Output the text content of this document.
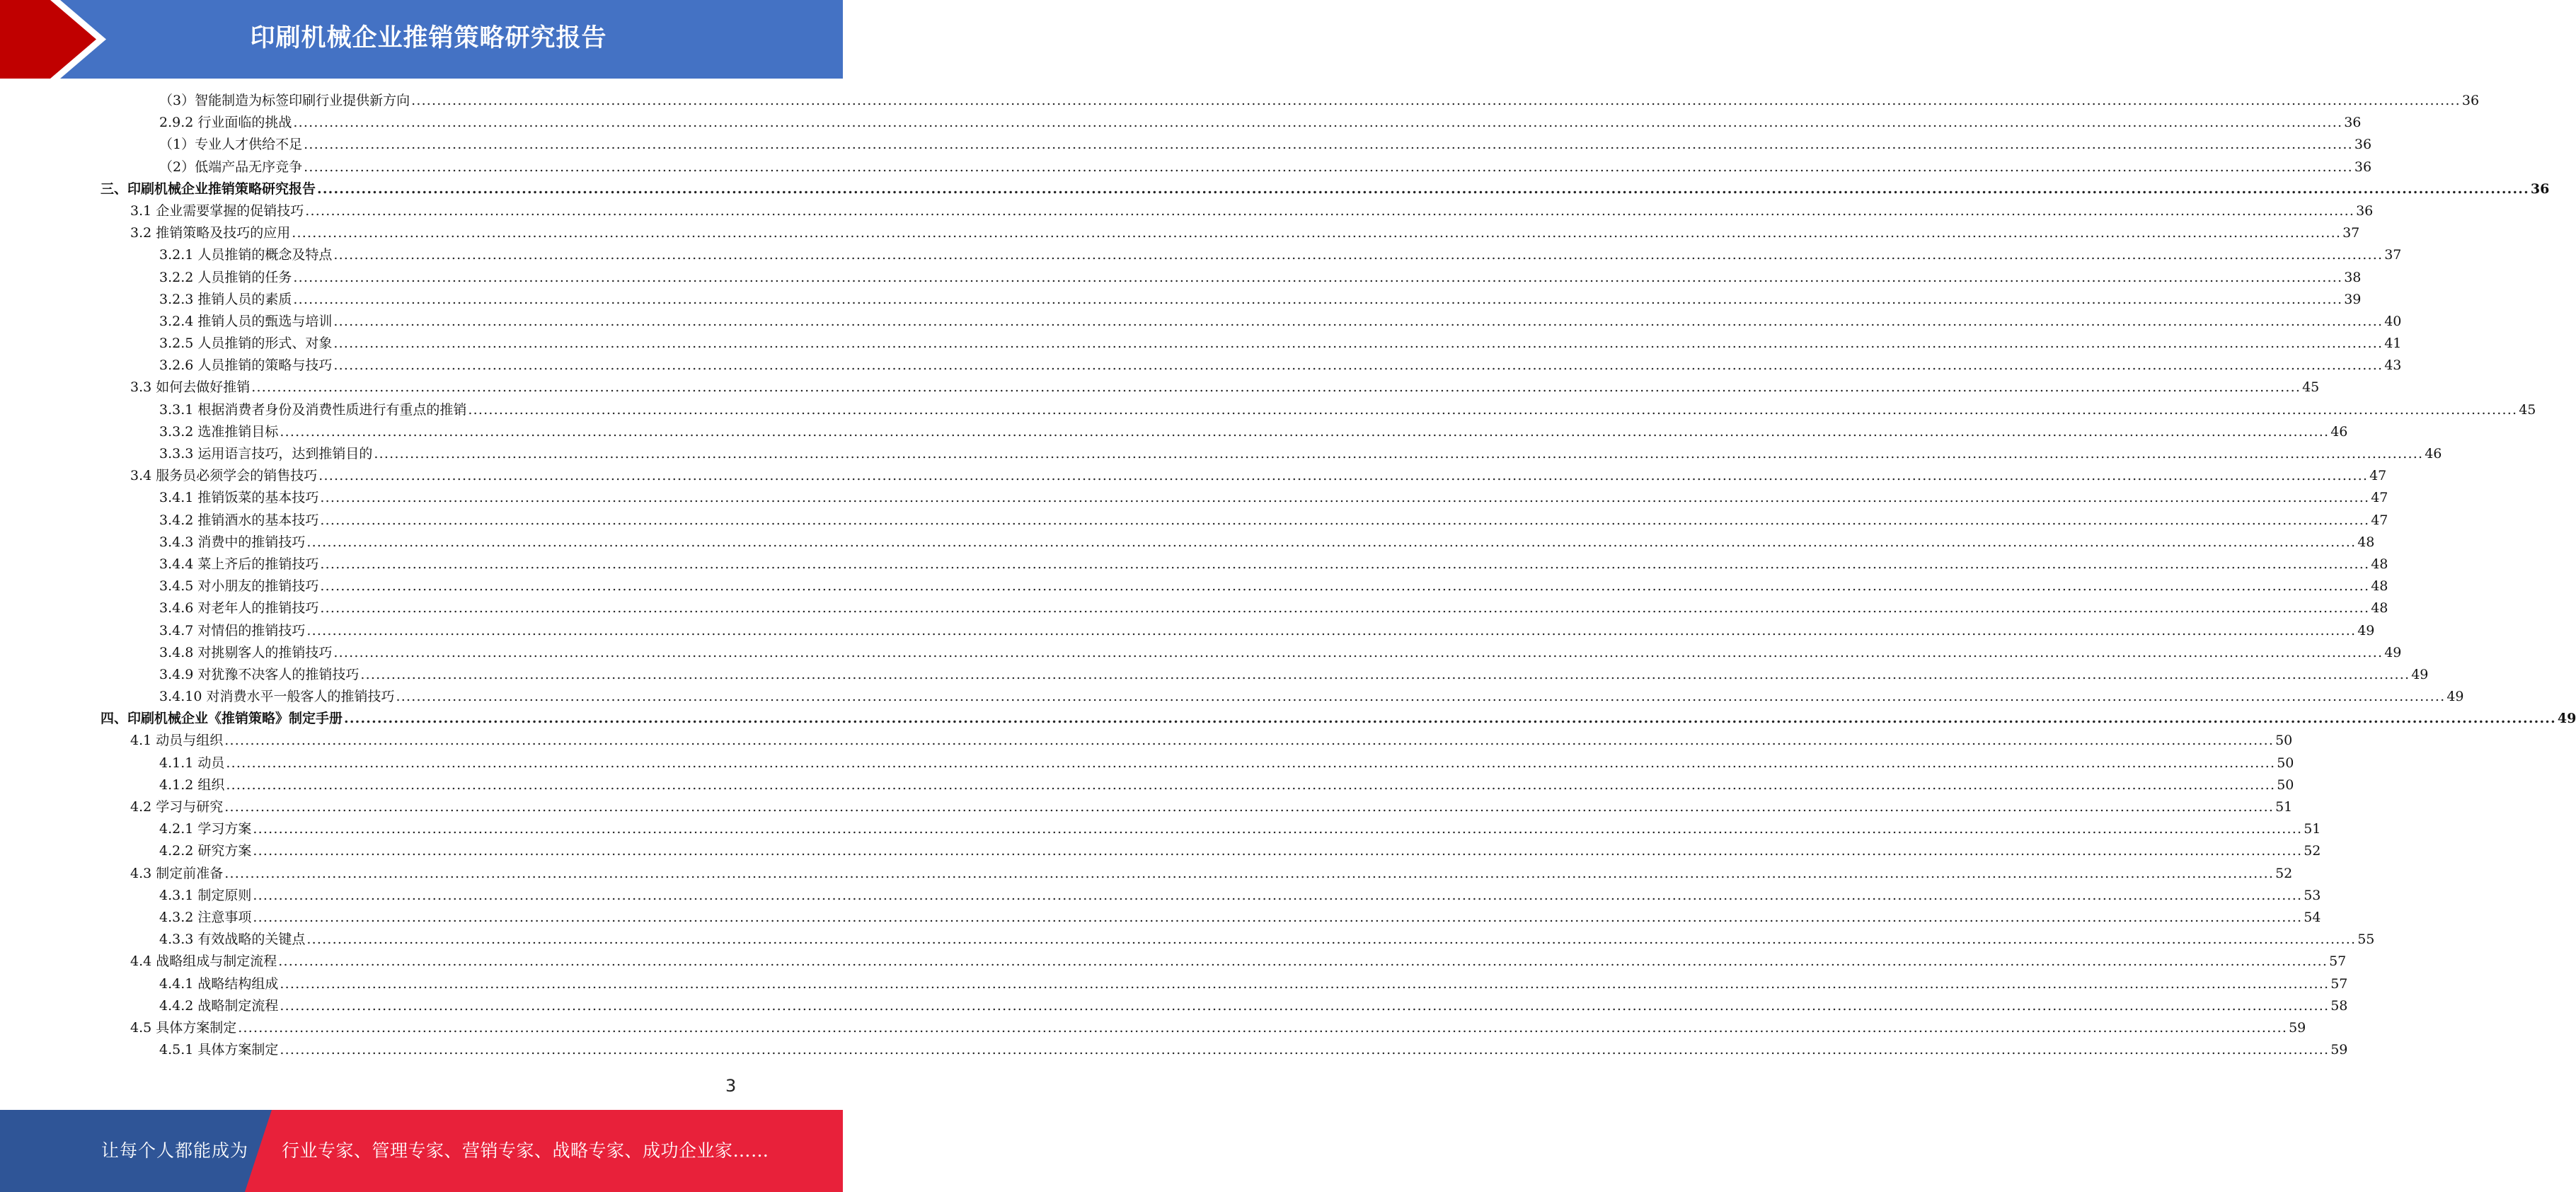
印刷机械企业推销策略研究报告
（3）智能制造为标签印刷行业提供新方向 ................................................................................................................................................................................................................................................................................................................................................................................................................ 36
2.9.2 行业面临的挑战 ................................................................................................................................................................................................................................................................................................................................................................................................................ 36
（1）专业人才供给不足 ................................................................................................................................................................................................................................................................................................................................................................................................................ 36
（2）低端产品无序竞争 ................................................................................................................................................................................................................................................................................................................................................................................................................ 36
三、印刷机械企业推销策略研究报告 ................................................................................................................................................................................................................................................................................................................................................................................................................ 36
3.1 企业需要掌握的促销技巧 ................................................................................................................................................................................................................................................................................................................................................................................................................ 36
3.2 推销策略及技巧的应用 ................................................................................................................................................................................................................................................................................................................................................................................................................ 37
3.2.1 人员推销的概念及特点 ................................................................................................................................................................................................................................................................................................................................................................................................................ 37
3.2.2 人员推销的任务 ................................................................................................................................................................................................................................................................................................................................................................................................................ 38
3.2.3 推销人员的素质 ................................................................................................................................................................................................................................................................................................................................................................................................................ 39
3.2.4 推销人员的甄选与培训 ................................................................................................................................................................................................................................................................................................................................................................................................................ 40
3.2.5 人员推销的形式、对象 ................................................................................................................................................................................................................................................................................................................................................................................................................ 41
3.2.6 人员推销的策略与技巧 ................................................................................................................................................................................................................................................................................................................................................................................................................ 43
3.3 如何去做好推销 ................................................................................................................................................................................................................................................................................................................................................................................................................ 45
3.3.1 根据消费者身份及消费性质进行有重点的推销 ................................................................................................................................................................................................................................................................................................................................................................................................................ 45
3.3.2 选准推销目标 ................................................................................................................................................................................................................................................................................................................................................................................................................ 46
3.3.3 运用语言技巧，达到推销目的 ................................................................................................................................................................................................................................................................................................................................................................................................................ 46
3.4 服务员必须学会的销售技巧 ................................................................................................................................................................................................................................................................................................................................................................................................................ 47
3.4.1 推销饭菜的基本技巧 ................................................................................................................................................................................................................................................................................................................................................................................................................ 47
3.4.2 推销酒水的基本技巧 ................................................................................................................................................................................................................................................................................................................................................................................................................ 47
3.4.3 消费中的推销技巧 ................................................................................................................................................................................................................................................................................................................................................................................................................ 48
3.4.4 菜上齐后的推销技巧 ................................................................................................................................................................................................................................................................................................................................................................................................................ 48
3.4.5 对小朋友的推销技巧 ................................................................................................................................................................................................................................................................................................................................................................................................................ 48
3.4.6 对老年人的推销技巧 ................................................................................................................................................................................................................................................................................................................................................................................................................ 48
3.4.7 对情侣的推销技巧 ................................................................................................................................................................................................................................................................................................................................................................................................................ 49
3.4.8 对挑剔客人的推销技巧 ................................................................................................................................................................................................................................................................................................................................................................................................................ 49
3.4.9 对犹豫不决客人的推销技巧 ................................................................................................................................................................................................................................................................................................................................................................................................................ 49
3.4.10 对消费水平一般客人的推销技巧 ................................................................................................................................................................................................................................................................................................................................................................................................................ 49
四、印刷机械企业《推销策略》制定手册 ................................................................................................................................................................................................................................................................................................................................................................................................................ 49
4.1 动员与组织 ................................................................................................................................................................................................................................................................................................................................................................................................................ 50
4.1.1 动员 ................................................................................................................................................................................................................................................................................................................................................................................................................ 50
4.1.2 组织 ................................................................................................................................................................................................................................................................................................................................................................................................................ 50
4.2 学习与研究 ................................................................................................................................................................................................................................................................................................................................................................................................................ 51
4.2.1 学习方案 ................................................................................................................................................................................................................................................................................................................................................................................................................ 51
4.2.2 研究方案 ................................................................................................................................................................................................................................................................................................................................................................................................................ 52
4.3 制定前准备 ................................................................................................................................................................................................................................................................................................................................................................................................................ 52
4.3.1 制定原则 ................................................................................................................................................................................................................................................................................................................................................................................................................ 53
4.3.2 注意事项 ................................................................................................................................................................................................................................................................................................................................................................................................................ 54
4.3.3 有效战略的关键点 ................................................................................................................................................................................................................................................................................................................................................................................................................ 55
4.4 战略组成与制定流程 ................................................................................................................................................................................................................................................................................................................................................................................................................ 57
4.4.1 战略结构组成 ................................................................................................................................................................................................................................................................................................................................................................................................................ 57
4.4.2 战略制定流程 ................................................................................................................................................................................................................................................................................................................................................................................................................ 58
4.5 具体方案制定 ................................................................................................................................................................................................................................................................................................................................................................................................................ 59
4.5.1 具体方案制定 ................................................................................................................................................................................................................................................................................................................................................................................................................ 59
3
让每个人都能成为 行业专家、管理专家、营销专家、战略专家、成功企业家……
